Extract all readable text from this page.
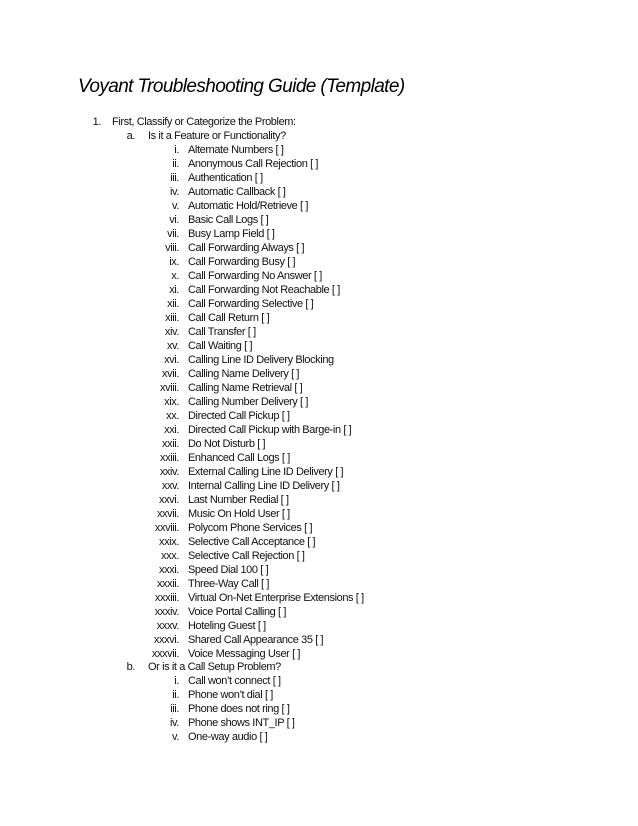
Voyant Troubleshooting Guide (Template)
1. First, Classify or Categorize the Problem:
a. Is it a Feature or Functionality?
i. Alternate Numbers [ ]
ii. Anonymous Call Rejection [ ]
iii. Authentication [ ]
iv. Automatic Callback [ ]
v. Automatic Hold/Retrieve [ ]
vi. Basic Call Logs [ ]
vii. Busy Lamp Field [ ]
viii. Call Forwarding Always [ ]
ix. Call Forwarding Busy [ ]
x. Call Forwarding No Answer [ ]
xi. Call Forwarding Not Reachable [ ]
xii. Call Forwarding Selective [ ]
xiii. Call Call Return [ ]
xiv. Call Transfer [ ]
xv. Call Waiting [ ]
xvi. Calling Line ID Delivery Blocking
xvii. Calling Name Delivery [ ]
xviii. Calling Name Retrieval [ ]
xix. Calling Number Delivery [ ]
xx. Directed Call Pickup [ ]
xxi. Directed Call Pickup with Barge-in [ ]
xxii. Do Not Disturb [ ]
xxiii. Enhanced Call Logs [ ]
xxiv. External Calling Line ID Delivery [ ]
xxv. Internal Calling Line ID Delivery [ ]
xxvi. Last Number Redial [ ]
xxvii. Music On Hold User [ ]
xxviii. Polycom Phone Services [ ]
xxix. Selective Call Acceptance [ ]
xxx. Selective Call Rejection [ ]
xxxi. Speed Dial 100 [ ]
xxxii. Three-Way Call [ ]
xxxiii. Virtual On-Net Enterprise Extensions [ ]
xxxiv. Voice Portal Calling [ ]
xxxv. Hoteling Guest [ ]
xxxvi. Shared Call Appearance 35 [ ]
xxxvii. Voice Messaging User [ ]
b. Or is it a Call Setup Problem?
i. Call won’t connect [ ]
ii. Phone won’t dial [ ]
iii. Phone does not ring [ ]
iv. Phone shows INT_IP [ ]
v. One-way audio [ ]
